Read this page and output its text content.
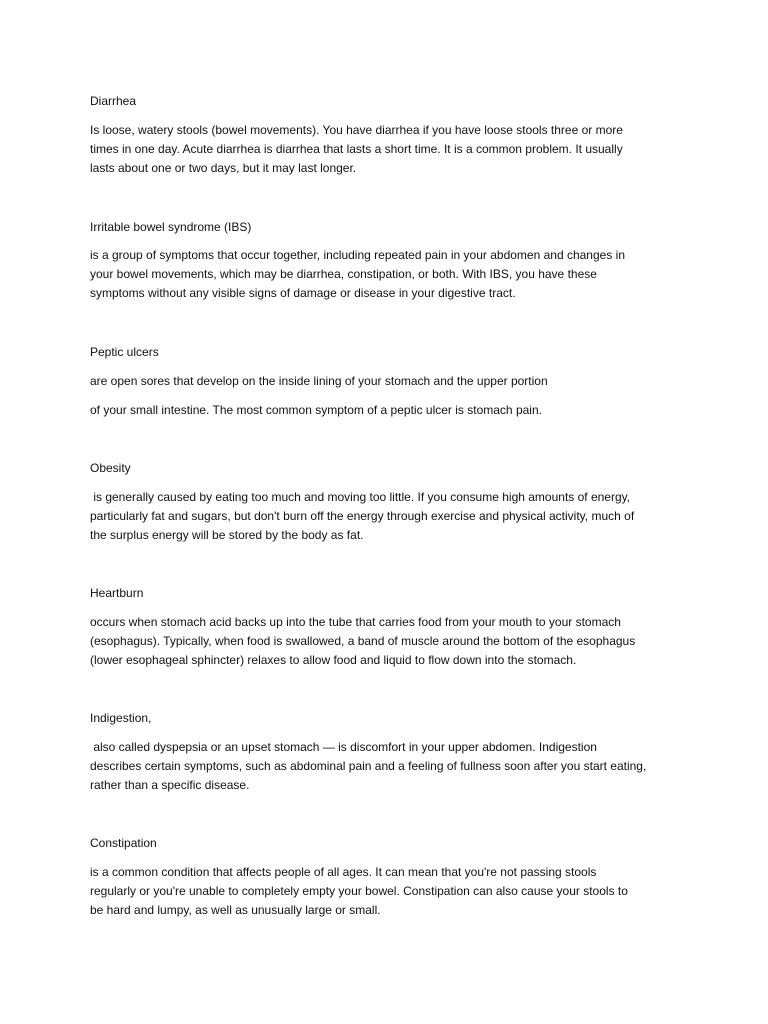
Diarrhea

Is loose, watery stools (bowel movements). You have diarrhea if you have loose stools three or more
times in one day. Acute diarrhea is diarrhea that lasts a short time. It is a common problem. It usually
lasts about one or two days, but it may last longer.

Irritable bowel syndrome (IBS)

is a group of symptoms that occur together, including repeated pain in your abdomen and changes in
your bowel movements, which may be diarrhea, constipation, or both. With IBS, you have these
symptoms without any visible signs of damage or disease in your digestive tract.

Peptic ulcers

are open sores that develop on the inside lining of your stomach and the upper portion

of your small intestine. The most common symptom of a peptic ulcer is stomach pain.

Obesity

is generally caused by eating too much and moving too little. If you consume high amounts of energy,
particularly fat and sugars, but don't burn off the energy through exercise and physical activity, much of
the surplus energy will be stored by the body as fat.

Heartburn

occurs when stomach acid backs up into the tube that carries food from your mouth to your stomach
(esophagus). Typically, when food is swallowed, a band of muscle around the bottom of the esophagus
(lower esophageal sphincter) relaxes to allow food and liquid to flow down into the stomach.

Indigestion,

also called dyspepsia or an upset stomach — is discomfort in your upper abdomen. Indigestion
describes certain symptoms, such as abdominal pain and a feeling of fullness soon after you start eating,
rather than a specific disease.

Constipation

is a common condition that affects people of all ages. It can mean that you're not passing stools
regularly or you're unable to completely empty your bowel. Constipation can also cause your stools to
be hard and lumpy, as well as unusually large or small.
